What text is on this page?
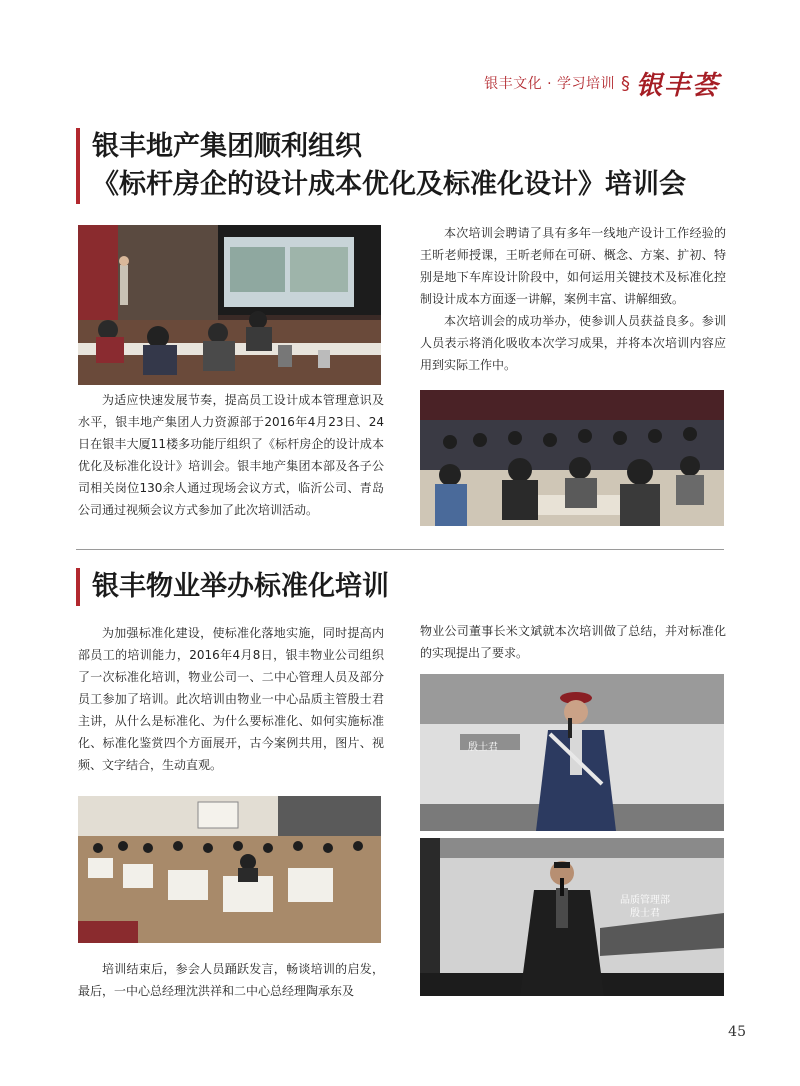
银丰文化 · 学习培训 § 银丰荟
银丰地产集团顺利组织
《标杆房企的设计成本优化及标准化设计》培训会

为适应快速发展节奏，提高员工设计成本管理意识及水平，银丰地产集团人力资源部于2016年4月23日、24日在银丰大厦11楼多功能厅组织了《标杆房企的设计成本优化及标准化设计》培训会。银丰地产集团本部及各子公司相关岗位130余人通过现场会议方式，临沂公司、青岛公司通过视频会议方式参加了此次培训活动。

本次培训会聘请了具有多年一线地产设计工作经验的王昕老师授课，王昕老师在可研、概念、方案、扩初、特别是地下车库设计阶段中，如何运用关键技术及标准化控制设计成本方面逐一讲解，案例丰富、讲解细致。

本次培训会的成功举办，使参训人员获益良多。参训人员表示将消化吸收本次学习成果，并将本次培训内容应用到实际工作中。

银丰物业举办标准化培训

为加强标准化建设，使标准化落地实施，同时提高内部员工的培训能力，2016年4月8日，银丰物业公司组织了一次标准化培训，物业公司一、二中心管理人员及部分员工参加了培训。此次培训由物业一中心品质主管殷士君主讲，从什么是标准化、为什么要标准化、如何实施标准化、标准化鉴赏四个方面展开，古今案例共用，图片、视频、文字结合，生动直观。

培训结束后，参会人员踊跃发言，畅谈培训的启发，最后，一中心总经理沈洪祥和二中心总经理陶承东及

物业公司董事长米文斌就本次培训做了总结，并对标准化的实现提出了要求。

殷士君
品质管理部
殷士君
45
